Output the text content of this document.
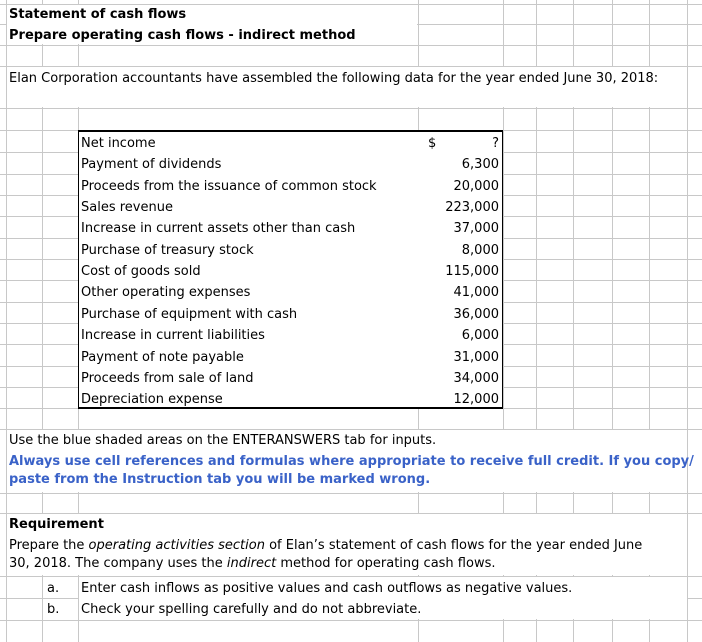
Statement of cash flows
Prepare operating cash flows - indirect method
Elan Corporation accountants have assembled the following data for the year ended June 30, 2018:
$
Net income	?
Payment of dividends	6,300
Proceeds from the issuance of common stock	20,000
Sales revenue	223,000
Increase in current assets other than cash	37,000
Purchase of treasury stock	8,000
Cost of goods sold	115,000
Other operating expenses	41,000
Purchase of equipment with cash	36,000
Increase in current liabilities	6,000
Payment of note payable	31,000
Proceeds from sale of land	34,000
Depreciation expense	12,000
Use the blue shaded areas on the ENTERANSWERS tab for inputs.
Always use cell references and formulas where appropriate to receive full credit. If you copy/
paste from the Instruction tab you will be marked wrong.
Requirement
Prepare the operating activities section of Elan’s statement of cash flows for the year ended June
30, 2018. The company uses the indirect method for operating cash flows.
a. Enter cash inflows as positive values and cash outflows as negative values.
b. Check your spelling carefully and do not abbreviate.
